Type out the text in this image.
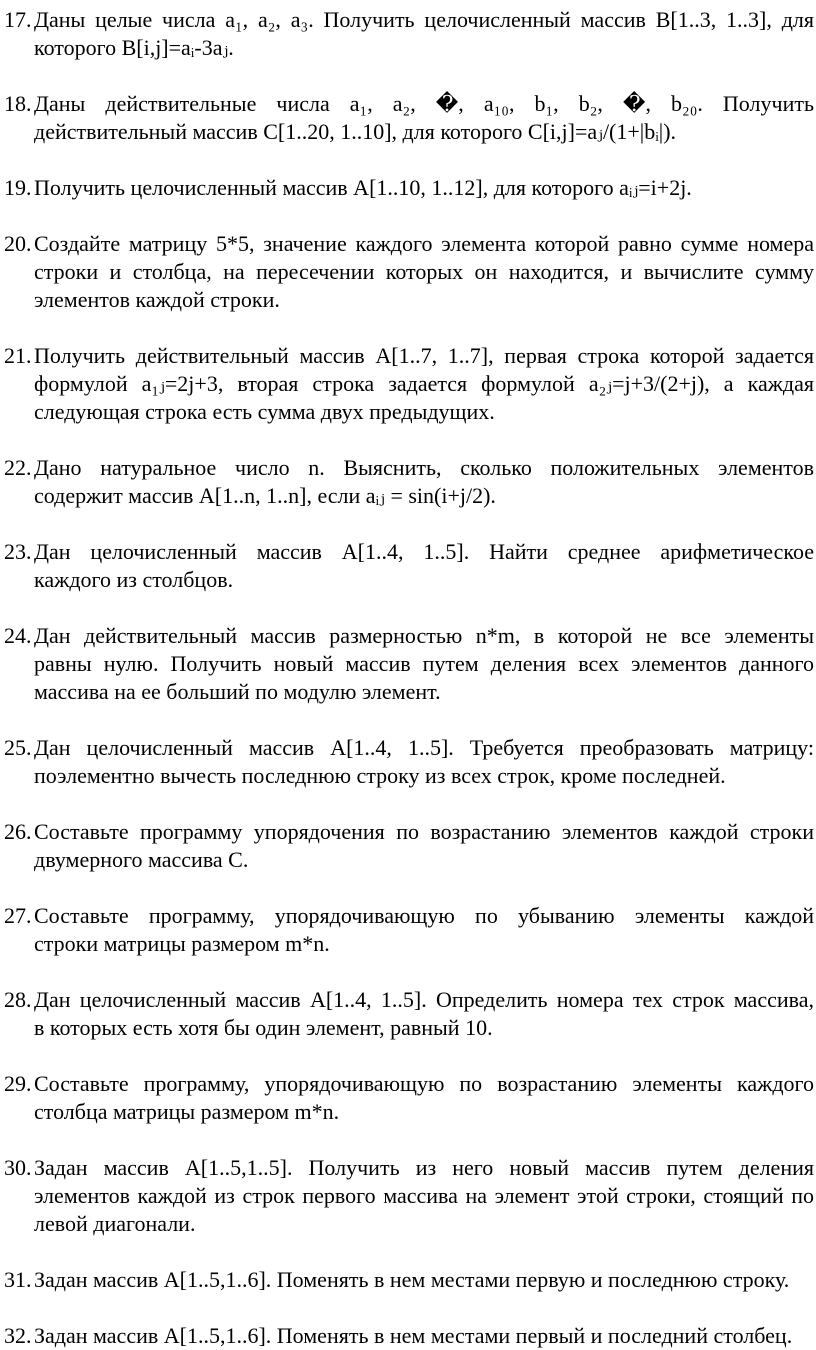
17. Даны целые числа a₁, a₂, a₃. Получить целочисленный массив B[1..3, 1..3], для
которого B[i,j]=aᵢ-3aⱼ.
18. Даны действительные числа a₁, a₂, �, a₁₀, b₁, b₂, �, b₂₀. Получить
действительный массив C[1..20, 1..10], для которого C[i,j]=aⱼ/(1+|bᵢ|).
19. Получить целочисленный массив A[1..10, 1..12], для которого aᵢⱼ=i+2j.
20. Создайте матрицу 5*5, значение каждого элемента которой равно сумме номера
строки и столбца, на пересечении которых он находится, и вычислите сумму
элементов каждой строки.
21. Получить действительный массив A[1..7, 1..7], первая строка которой задается
формулой a₁ⱼ=2j+3, вторая строка задается формулой a₂ⱼ=j+3/(2+j), а каждая
следующая строка есть сумма двух предыдущих.
22. Дано натуральное число n. Выяснить, сколько положительных элементов
содержит массив A[1..n, 1..n], если aᵢⱼ = sin(i+j/2).
23. Дан целочисленный массив A[1..4, 1..5]. Найти среднее арифметическое
каждого из столбцов.
24. Дан действительный массив размерностью n*m, в которой не все элементы
равны нулю. Получить новый массив путем деления всех элементов данного
массива на ее больший по модулю элемент.
25. Дан целочисленный массив A[1..4, 1..5]. Требуется преобразовать матрицу:
поэлементно вычесть последнюю строку из всех строк, кроме последней.
26. Составьте программу упорядочения по возрастанию элементов каждой строки
двумерного массива С.
27. Составьте программу, упорядочивающую по убыванию элементы каждой
строки матрицы размером m*n.
28. Дан целочисленный массив A[1..4, 1..5]. Определить номера тех строк массива,
в которых есть хотя бы один элемент, равный 10.
29. Составьте программу, упорядочивающую по возрастанию элементы каждого
столбца матрицы размером m*n.
30. Задан массив A[1..5,1..5]. Получить из него новый массив путем деления
элементов каждой из строк первого массива на элемент этой строки, стоящий по
левой диагонали.
31. Задан массив A[1..5,1..6]. Поменять в нем местами первую и последнюю строку.
32. Задан массив A[1..5,1..6]. Поменять в нем местами первый и последний столбец.
